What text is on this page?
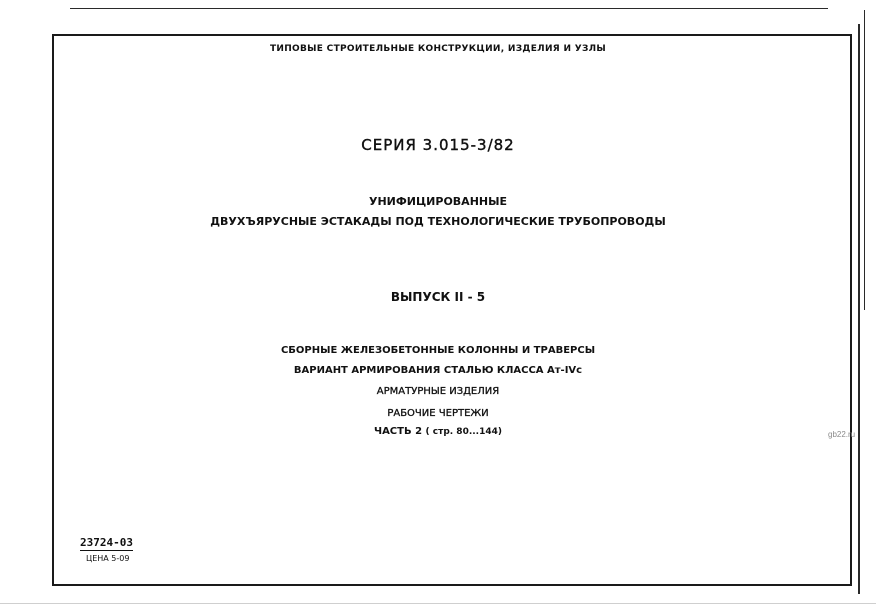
ТИПОВЫЕ СТРОИТЕЛЬНЫЕ КОНСТРУКЦИИ, ИЗДЕЛИЯ И УЗЛЫ
СЕРИЯ 3.015-3/82
УНИФИЦИРОВАННЫЕ
ДВУХЪЯРУСНЫЕ ЭСТАКАДЫ ПОД ТЕХНОЛОГИЧЕСКИЕ ТРУБОПРОВОДЫ
ВЫПУСК II - 5
СБОРНЫЕ ЖЕЛЕЗОБЕТОННЫЕ КОЛОННЫ И ТРАВЕРСЫ
ВАРИАНТ АРМИРОВАНИЯ СТАЛЬЮ КЛАССА Ат-IVс
АРМАТУРНЫЕ ИЗДЕЛИЯ
РАБОЧИЕ ЧЕРТЕЖИ
ЧАСТЬ 2 ( стр. 80...144)	gb22.ru
23724-03
ЦЕНА 5-09
